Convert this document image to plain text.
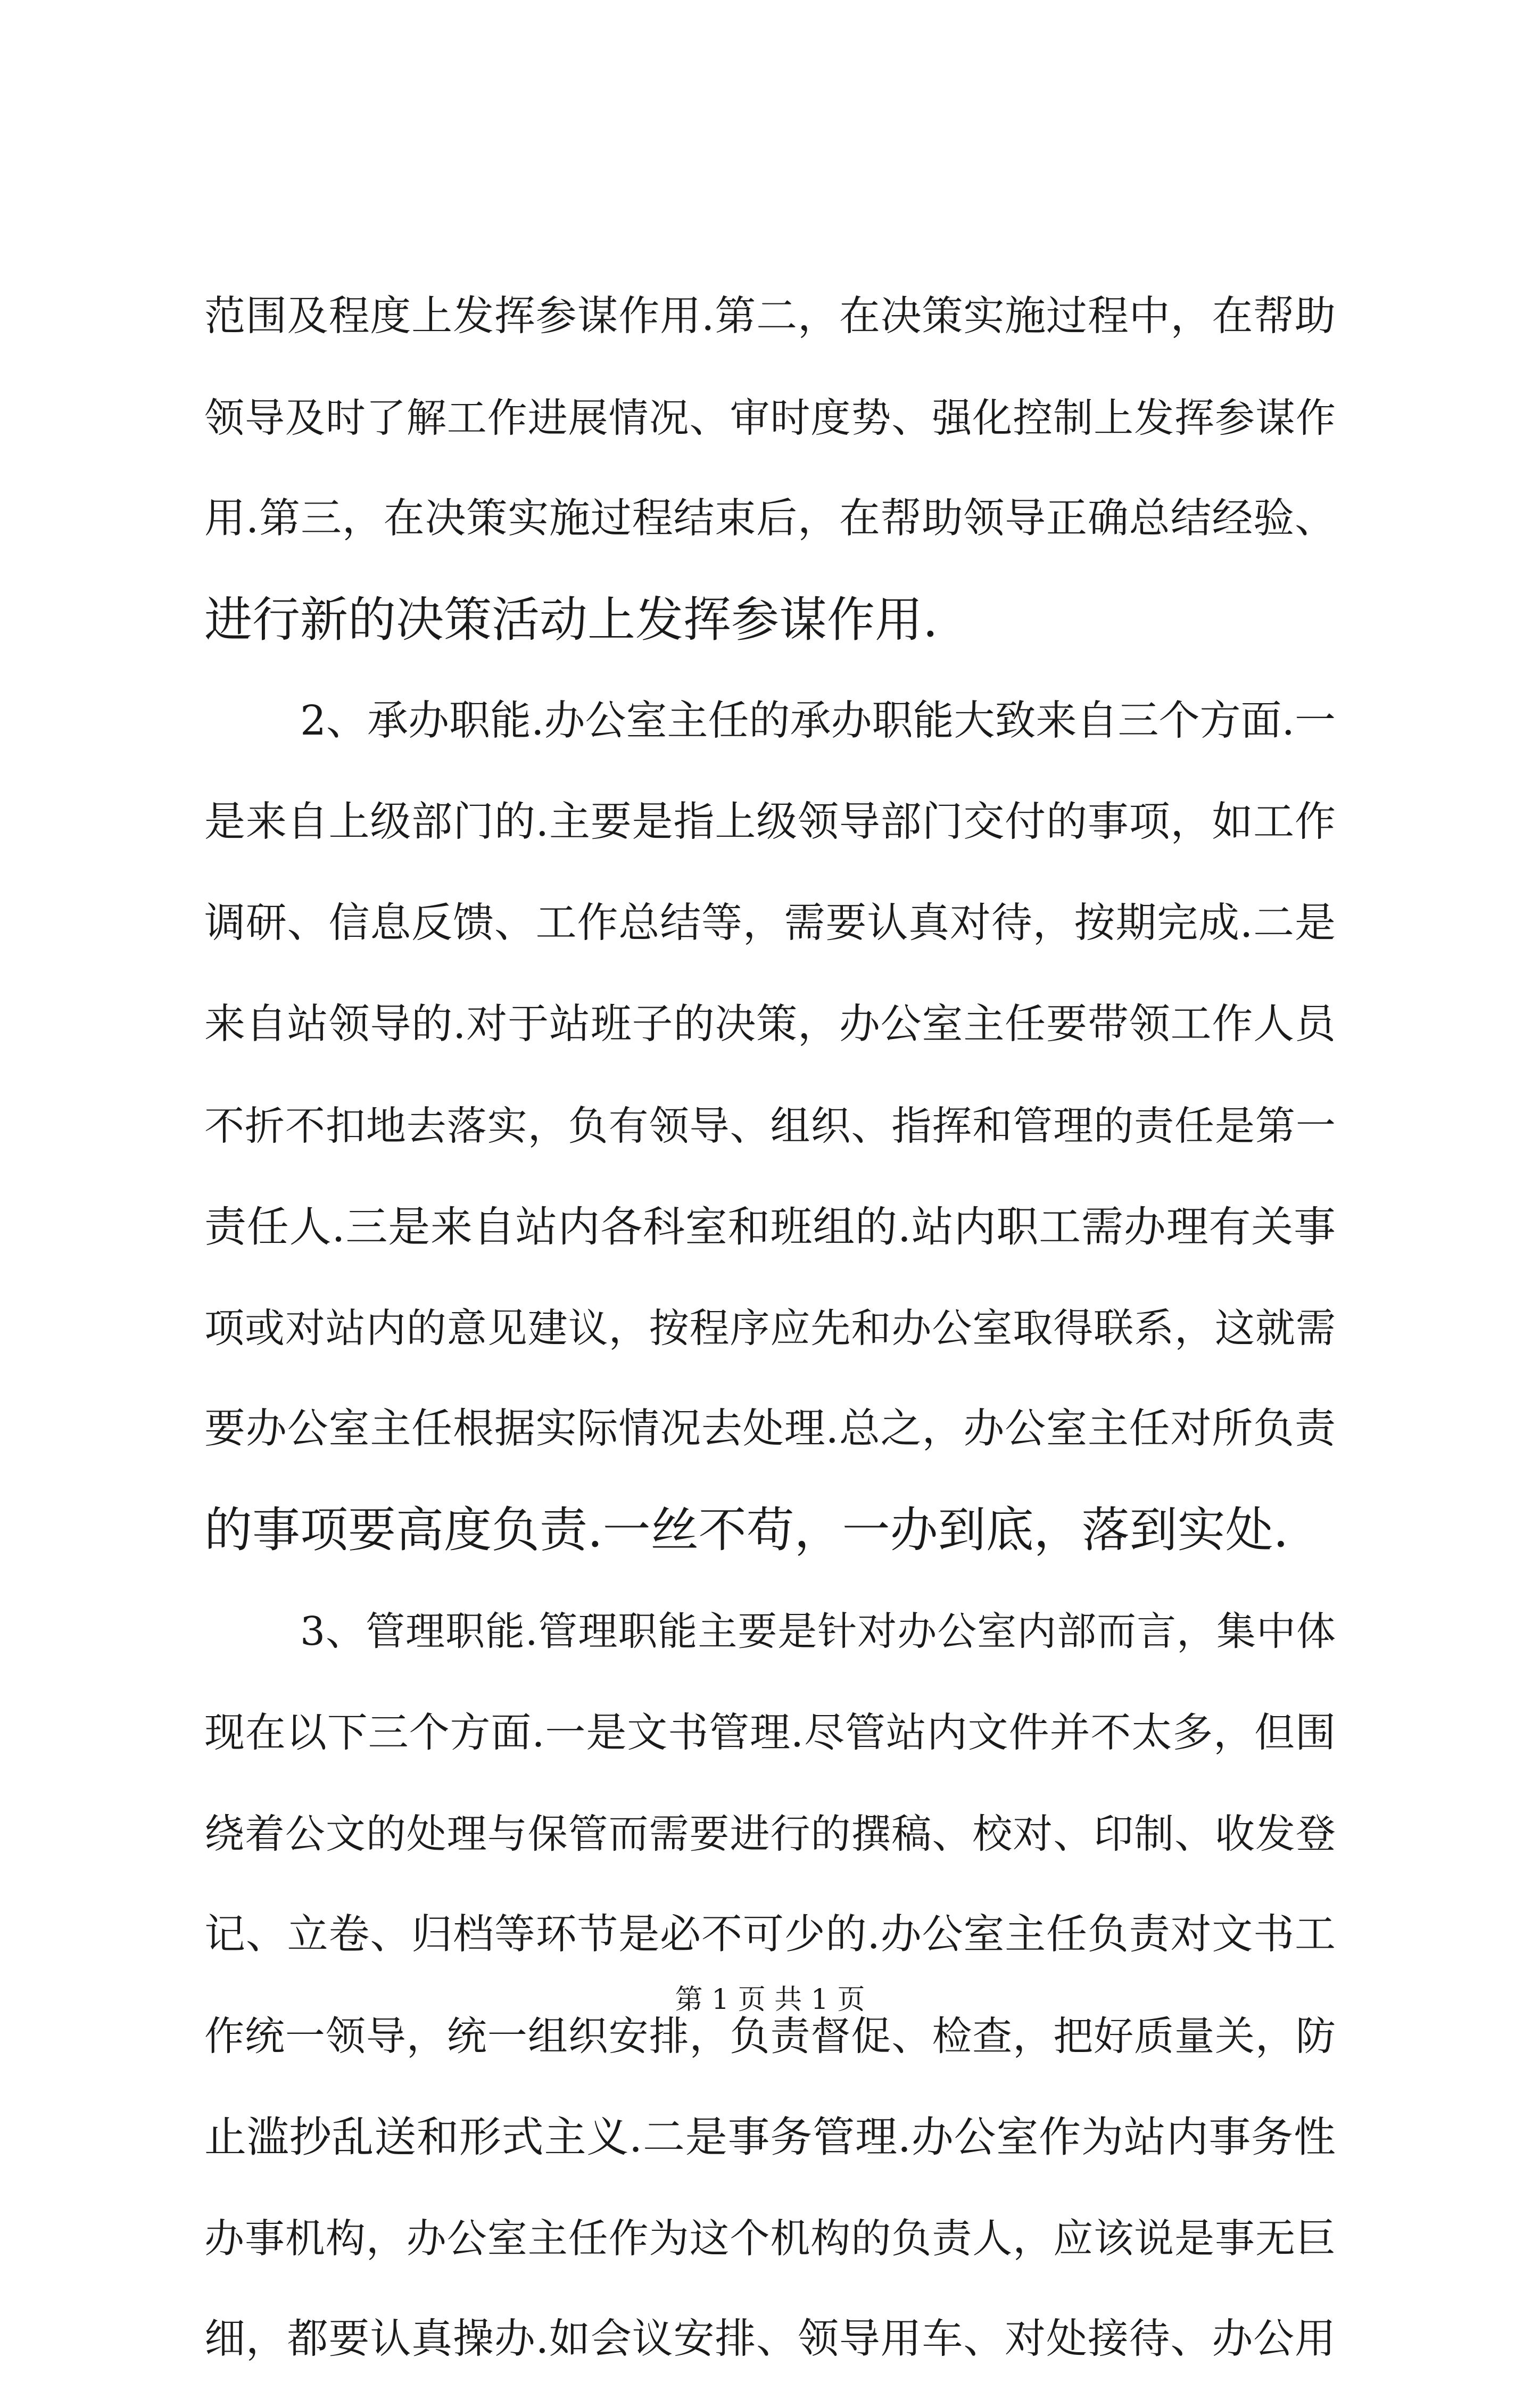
范围及程度上发挥参谋作用.第二，在决策实施过程中，在帮助
领导及时了解工作进展情况、审时度势、强化控制上发挥参谋作
用.第三，在决策实施过程结束后，在帮助领导正确总结经验、
进行新的决策活动上发挥参谋作用.
2、承办职能.办公室主任的承办职能大致来自三个方面.一
是来自上级部门的.主要是指上级领导部门交付的事项，如工作
调研、信息反馈、工作总结等，需要认真对待，按期完成.二是
来自站领导的.对于站班子的决策，办公室主任要带领工作人员
不折不扣地去落实，负有领导、组织、指挥和管理的责任是第一
责任人.三是来自站内各科室和班组的.站内职工需办理有关事
项或对站内的意见建议，按程序应先和办公室取得联系，这就需
要办公室主任根据实际情况去处理.总之，办公室主任对所负责
的事项要高度负责.一丝不苟，一办到底，落到实处.
3、管理职能.管理职能主要是针对办公室内部而言，集中体
现在以下三个方面.一是文书管理.尽管站内文件并不太多，但围
绕着公文的处理与保管而需要进行的撰稿、校对、印制、收发登
记、立卷、归档等环节是必不可少的.办公室主任负责对文书工
作统一领导，统一组织安排，负责督促、检查，把好质量关，防
止滥抄乱送和形式主义.二是事务管理.办公室作为站内事务性
办事机构，办公室主任作为这个机构的负责人，应该说是事无巨
细，都要认真操办.如会议安排、领导用车、对处接待、办公用
第 1 页 共 1 页
